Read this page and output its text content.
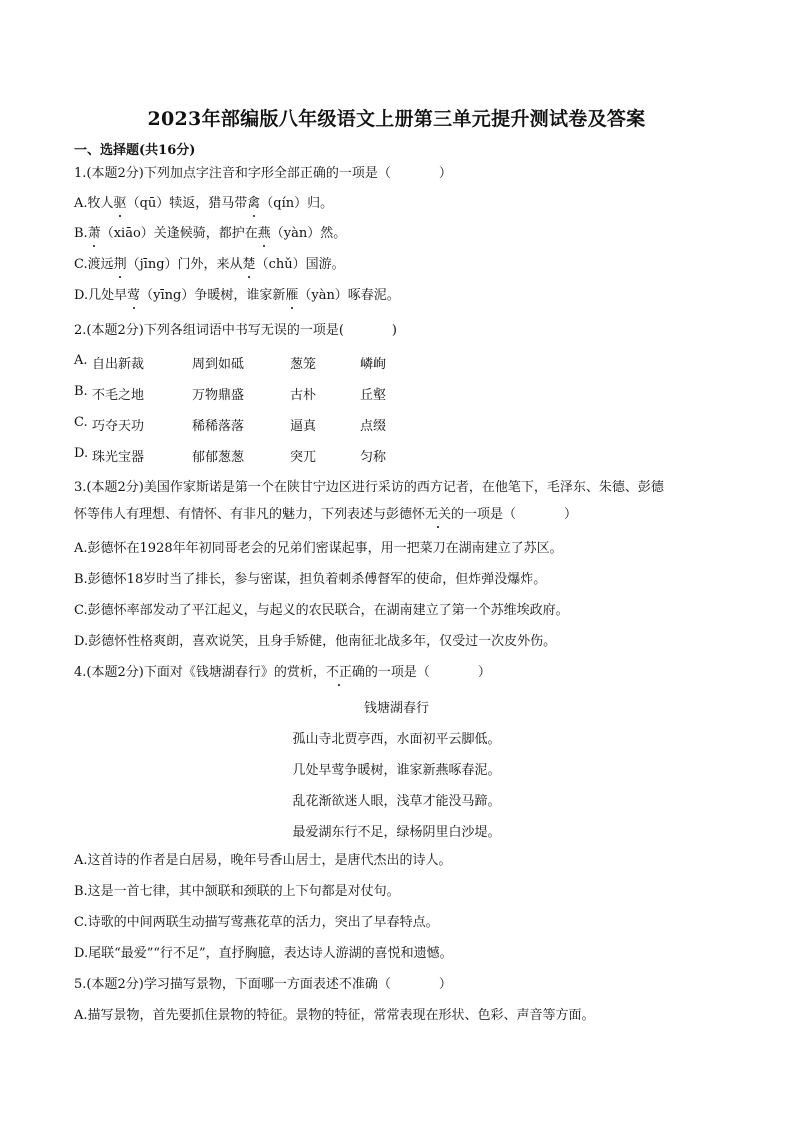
2023年部编版八年级语文上册第三单元提升测试卷及答案
一、选择题(共16分)
1.(本题2分)下列加点字注音和字形全部正确的一项是（	）
A.牧人驱（qū）犊返，猎马带禽（qín）归。
B.萧（xiāo）关逢候骑，都护在燕（yàn）然。
C.渡远荆（jīng）门外，来从楚（chǔ）国游。
D.几处早莺（yīng）争暖树，谁家新雁（yàn）啄春泥。
2.(本题2分)下列各组词语中书写无误的一项是(	)
A. 自出新裁	周到如砥	葱笼	嶙峋
B. 不毛之地	万物鼎盛	古朴	丘壑
C. 巧夺天功	稀稀落落	逼真	点缀
D. 珠光宝器	郁郁葱葱	突兀	匀称
3.(本题2分)美国作家斯诺是第一个在陕甘宁边区进行采访的西方记者，在他笔下，毛泽东、朱德、彭德
怀等伟人有理想、有情怀、有非凡的魅力，下列表述与彭德怀无关的一项是（	）
A.彭德怀在1928年年初同哥老会的兄弟们密谋起事，用一把菜刀在湖南建立了苏区。
B.彭德怀18岁时当了排长，参与密谋，担负着刺杀傅督军的使命，但炸弹没爆炸。
C.彭德怀率部发动了平江起义，与起义的农民联合，在湖南建立了第一个苏维埃政府。
D.彭德怀性格爽朗，喜欢说笑，且身手矫健，他南征北战多年，仅受过一次皮外伤。
4.(本题2分)下面对《钱塘湖春行》的赏析，不正确的一项是（	）
钱塘湖春行
孤山寺北贾亭西，水面初平云脚低。
几处早莺争暖树，谁家新燕啄春泥。
乱花渐欲迷人眼，浅草才能没马蹄。
最爱湖东行不足，绿杨阴里白沙堤。
A.这首诗的作者是白居易，晚年号香山居士，是唐代杰出的诗人。
B.这是一首七律，其中颔联和颈联的上下句都是对仗句。
C.诗歌的中间两联生动描写莺燕花草的活力，突出了早春特点。
D.尾联“最爱”“行不足”，直抒胸臆，表达诗人游湖的喜悦和遗憾。
5.(本题2分)学习描写景物，下面哪一方面表述不准确（	）
A.描写景物，首先要抓住景物的特征。景物的特征，常常表现在形状、色彩、声音等方面。
